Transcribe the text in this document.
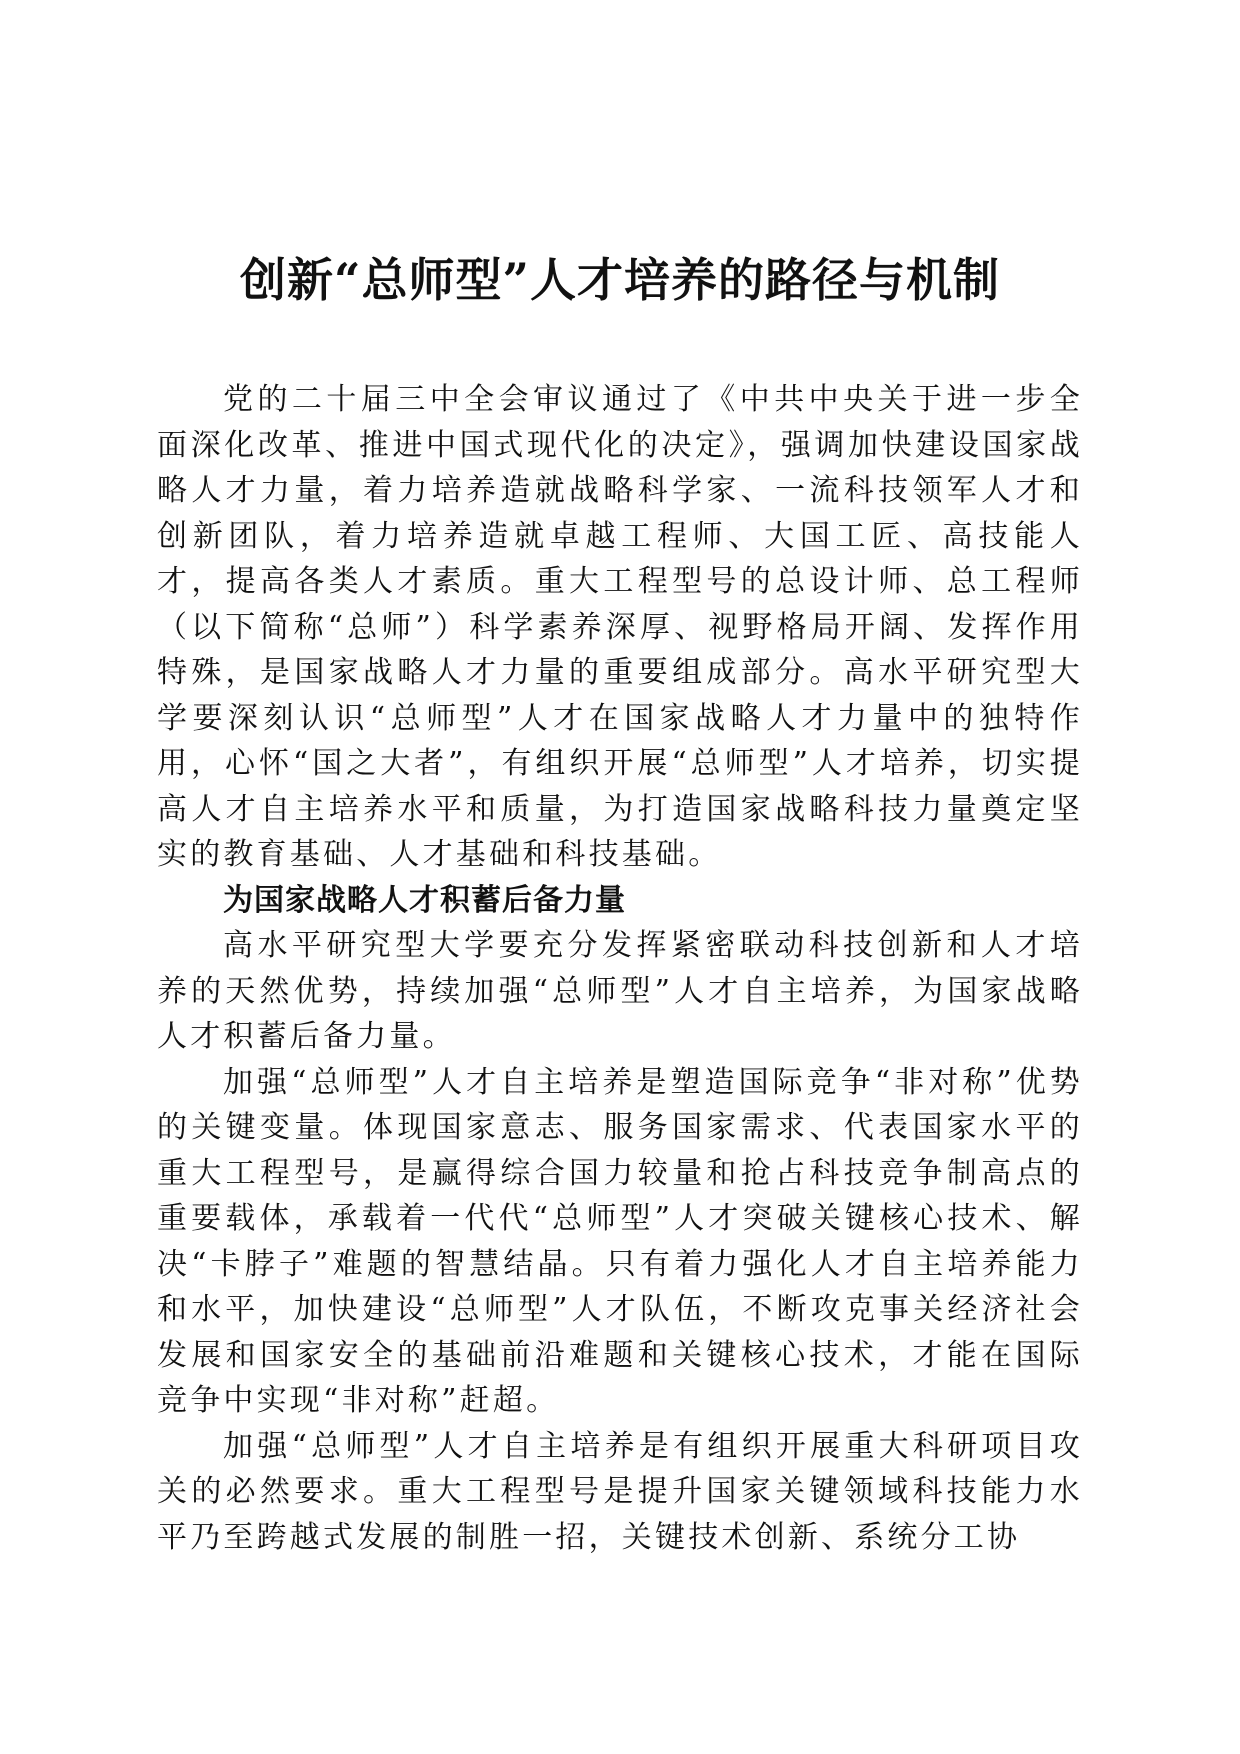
创新“总师型”人才培养的路径与机制

党的二十届三中全会审议通过了《中共中央关于进一步全面深化改革、推进中国式现代化的决定》，强调加快建设国家战略人才力量，着力培养造就战略科学家、一流科技领军人才和创新团队，着力培养造就卓越工程师、大国工匠、高技能人才，提高各类人才素质。重大工程型号的总设计师、总工程师（以下简称“总师”）科学素养深厚、视野格局开阔、发挥作用特殊，是国家战略人才力量的重要组成部分。高水平研究型大学要深刻认识“总师型”人才在国家战略人才力量中的独特作用，心怀“国之大者”，有组织开展“总师型”人才培养，切实提高人才自主培养水平和质量，为打造国家战略科技力量奠定坚实的教育基础、人才基础和科技基础。

为国家战略人才积蓄后备力量

高水平研究型大学要充分发挥紧密联动科技创新和人才培养的天然优势，持续加强“总师型”人才自主培养，为国家战略人才积蓄后备力量。

加强“总师型”人才自主培养是塑造国际竞争“非对称”优势的关键变量。体现国家意志、服务国家需求、代表国家水平的重大工程型号，是赢得综合国力较量和抢占科技竞争制高点的重要载体，承载着一代代“总师型”人才突破关键核心技术、解决“卡脖子”难题的智慧结晶。只有着力强化人才自主培养能力和水平，加快建设“总师型”人才队伍，不断攻克事关经济社会发展和国家安全的基础前沿难题和关键核心技术，才能在国际竞争中实现“非对称”赶超。

加强“总师型”人才自主培养是有组织开展重大科研项目攻关的必然要求。重大工程型号是提升国家关键领域科技能力水平乃至跨越式发展的制胜一招，关键技术创新、系统分工协
